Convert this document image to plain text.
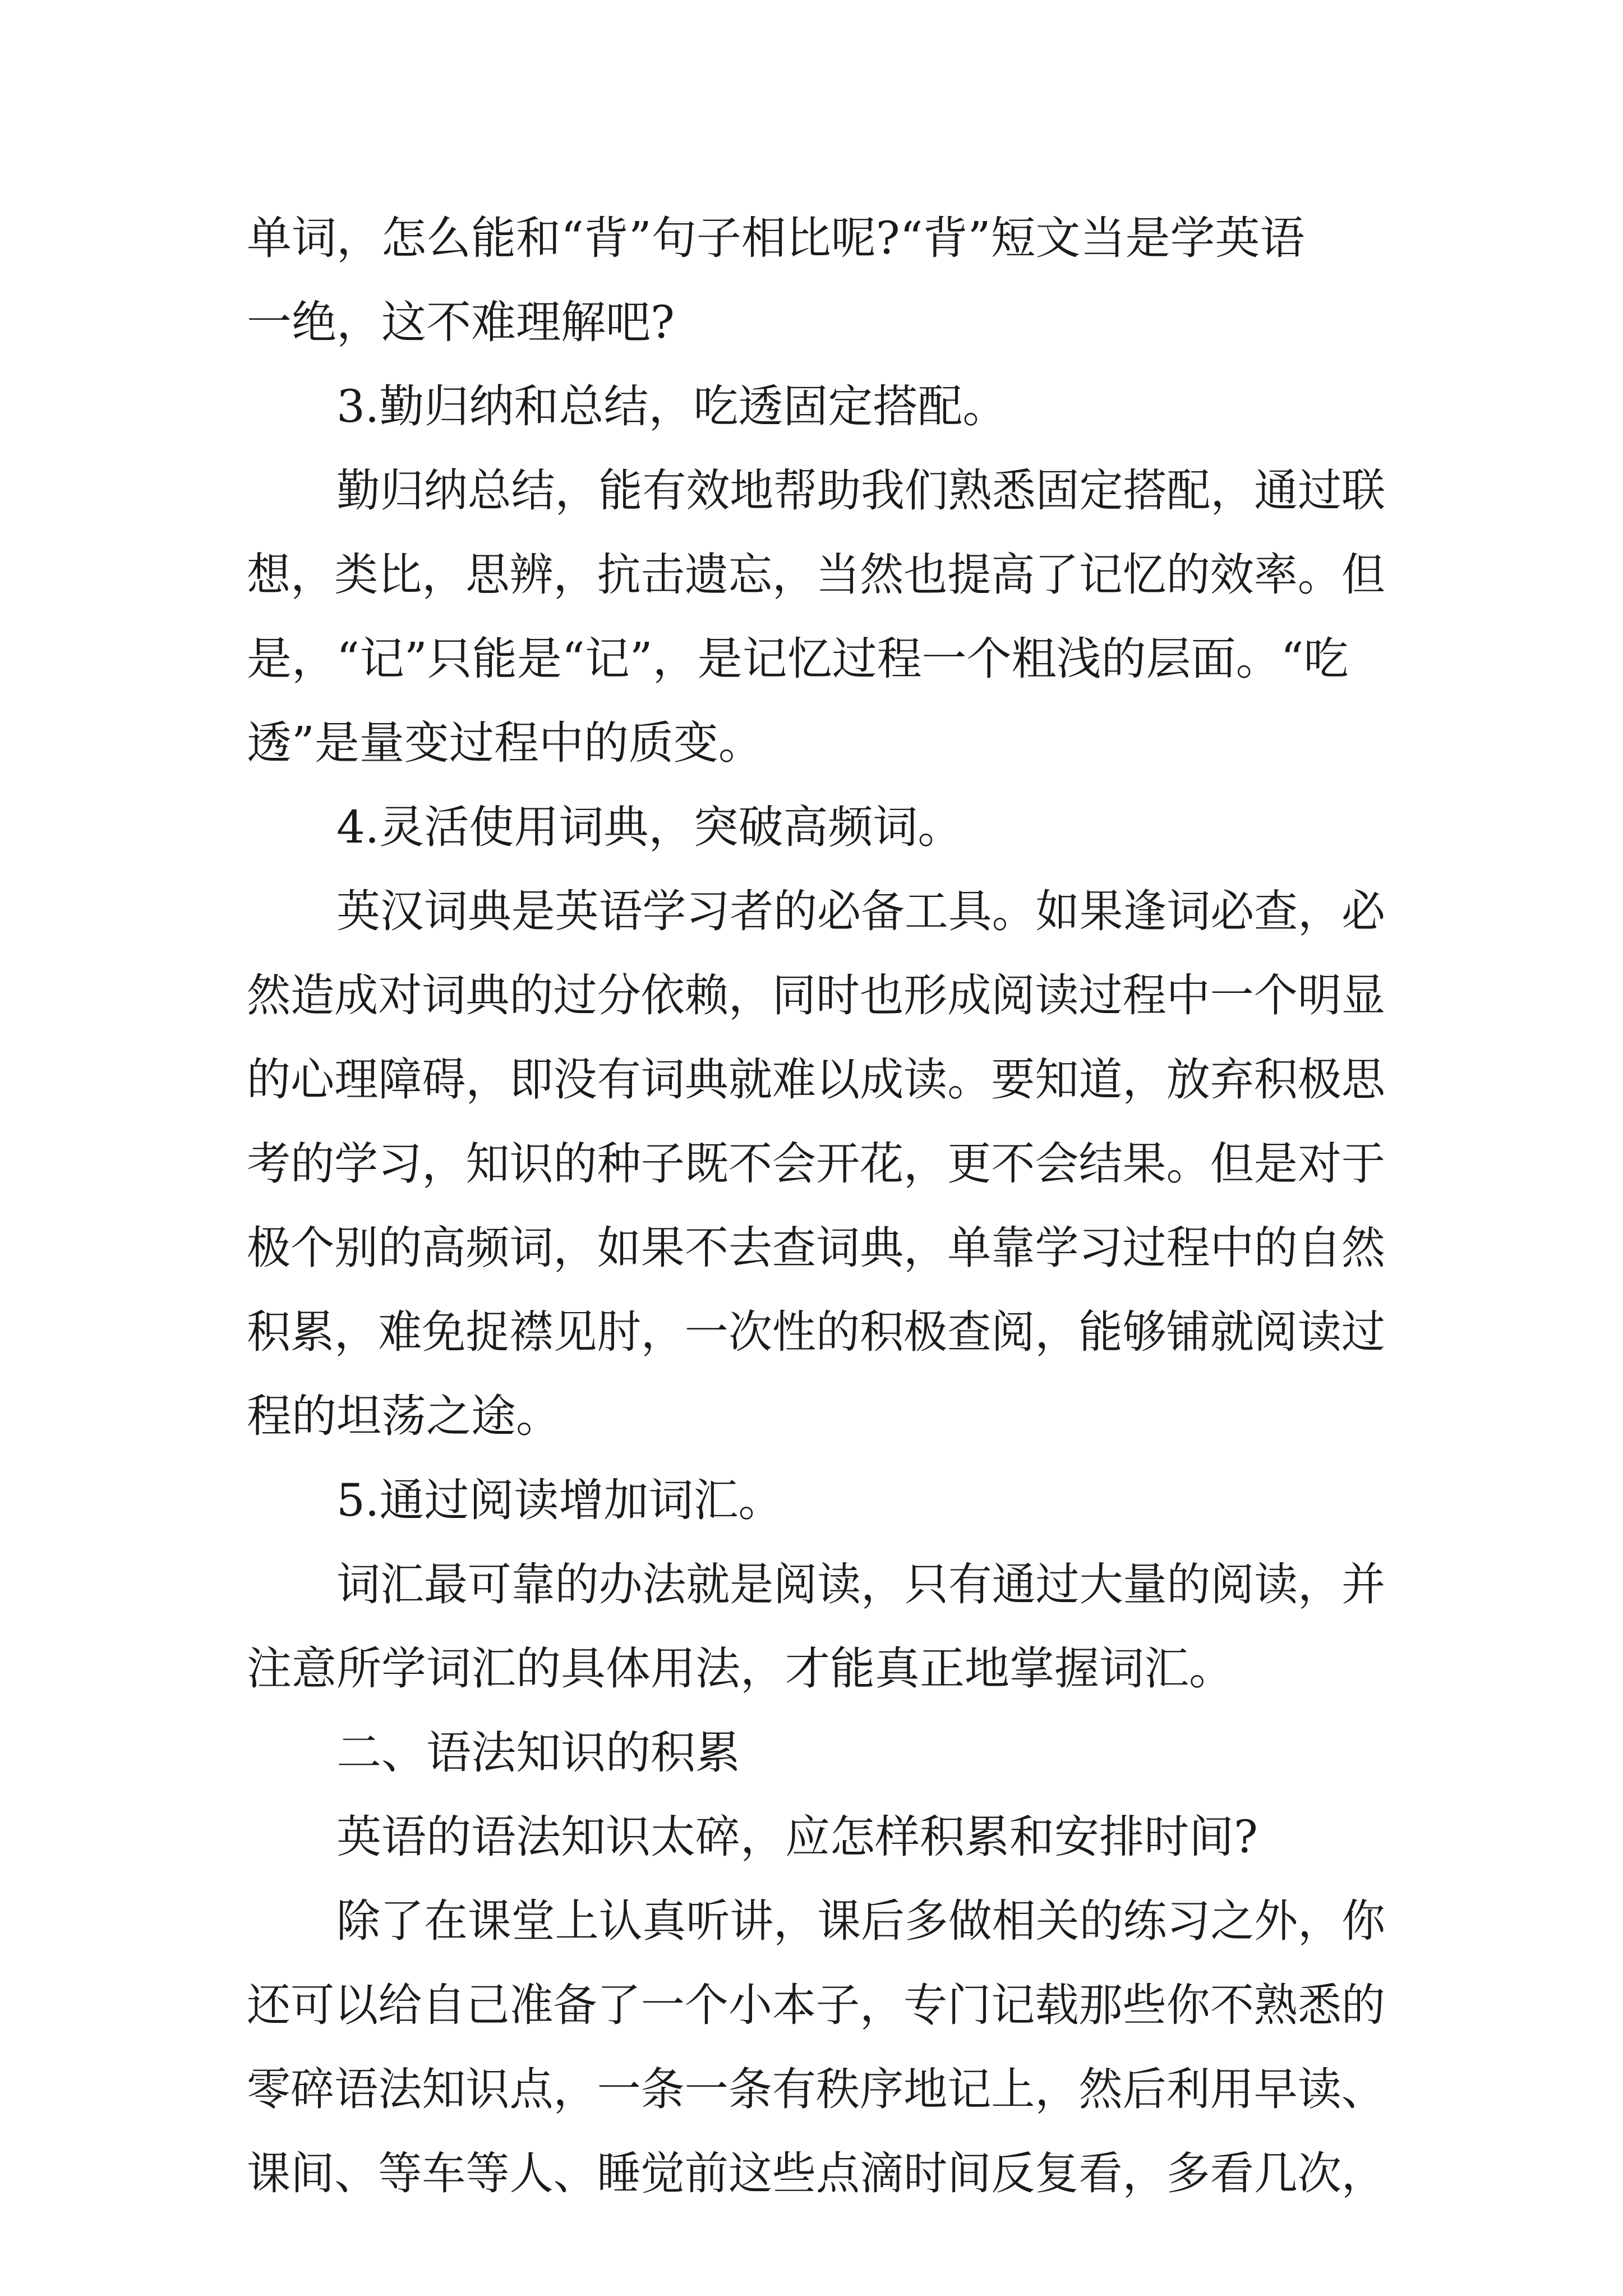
单词，怎么能和“背”句子相比呢?“背”短文当是学英语
一绝，这不难理解吧?
3.勤归纳和总结，吃透固定搭配。
勤归纳总结，能有效地帮助我们熟悉固定搭配，通过联
想，类比，思辨，抗击遗忘，当然也提高了记忆的效率。但
是，“记”只能是“记”，是记忆过程一个粗浅的层面。“吃
透”是量变过程中的质变。
4.灵活使用词典，突破高频词。
英汉词典是英语学习者的必备工具。如果逢词必查，必
然造成对词典的过分依赖，同时也形成阅读过程中一个明显
的心理障碍，即没有词典就难以成读。要知道，放弃积极思
考的学习，知识的种子既不会开花，更不会结果。但是对于
极个别的高频词，如果不去查词典，单靠学习过程中的自然
积累，难免捉襟见肘，一次性的积极查阅，能够铺就阅读过
程的坦荡之途。
5.通过阅读增加词汇。
词汇最可靠的办法就是阅读，只有通过大量的阅读，并
注意所学词汇的具体用法，才能真正地掌握词汇。
二、语法知识的积累
英语的语法知识太碎，应怎样积累和安排时间?
除了在课堂上认真听讲，课后多做相关的练习之外，你
还可以给自己准备了一个小本子，专门记载那些你不熟悉的
零碎语法知识点，一条一条有秩序地记上，然后利用早读、
课间、等车等人、睡觉前这些点滴时间反复看，多看几次，
